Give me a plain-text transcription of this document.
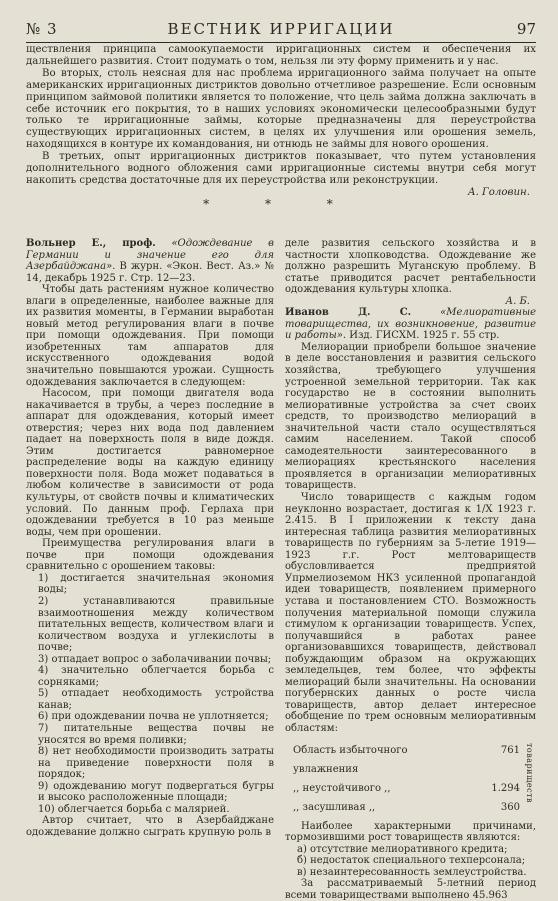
№ 3	ВЕСТНИК ИРРИГАЦИИ	97

ществления принципа самоокупаемости ирригационных систем и обеспечения их дальнейшего развития. Стоит подумать о том, нельзя ли эту форму применить и у нас.

Во вторых, столь неясная для нас проблема ирригационного займа получает на опыте американских ирригационных дистриктов довольно отчетливое разрешение. Если основным принципом займовой политики является то положение, что цель займа должна заключать в себе источник его покрытия, то в наших условиях экономически целесообразными будут только те ирригационные займы, которые предназначены для переустройства существующих ирригационных систем, в целях их улучшения или орошения земель, находящихся в контуре их командования, ни отнюдь не займы для нового орошения.

В третьих, опыт ирригационных дистриктов показывает, что путем установления дополнительного водного обложения сами ирригационные системы внутри себя могут накопить средства достаточные для их переустройства или реконструкции.

А. Головин.

* * *

Вольнер Е., проф. «Одождевание в Германии и значение его для Азербайджана». В журн. «Экон. Вест. Аз.» № 14, декабрь 1925 г. Стр. 12—23.

Чтобы дать растениям нужное количество влаги в определенные, наиболее важные для их развития моменты, в Германии выработан новый метод регулирования влаги в почве при помощи одождевания. При помощи изобретенных там аппаратов для искусственного одождевания водой значительно повышаются урожаи. Сущность одождевания заключается в следующем:

Насосом, при помощи двигателя вода накачивается в трубы, а через последние в аппарат для одождевания, который имеет отверстия; через них вода под давлением падает на поверхность поля в виде дождя. Этим достигается равномерное распределение воды на каждую единицу поверхности поля. Вода может подаваться в любом количестве в зависимости от рода культуры, от свойств почвы и климатических условий. По данным проф. Герлаха при одождевании требуется в 10 раз меньше воды, чем при орошении.

Преимущества регулирования влаги в почве при помощи одождевания сравнительно с орошением таковы:

1) достигается значительная экономия воды;

2) устанавливаются правильные взаимоотношения между количеством питательных веществ, количеством влаги и количеством воздуха и углекислоты в почве;

3) отпадает вопрос о заболачивании почвы;

4) значительно облегчается борьба с сорняками;

5) отпадает необходимость устройства канав;

6) при одождевании почва не уплотняется;

7) питательные вещества почвы не уносятся во время поливки;

8) нет необходимости производить затраты на приведение поверхности поля в порядок;

9) одождеванию могут подвергаться бугры и высоко расположенные площади;

10) облегчается борьба с малярией.

Автор считает, что в Азербайджане одождевание должно сыграть крупную роль в

деле развития сельского хозяйства и в частности хлопководства. Одождевание же должно разрешить Муганскую проблему. В статье приводится расчет рентабельности одождевания культуры хлопка.

А. Б.

Иванов Д. С.	«Мелиоративные товарищества, их возникновение, развитие и работы». Изд. ГИСХМ. 1925 г. 55 стр.

Мелиорации приобрели большое значение в деле восстановления и развития сельского хозяйства, требующего улучшения устроенной земельной территории. Так как государство не в состоянии выполнить мелиоративные устройства за счет своих средств, то производство мелиораций в значительной части стало осуществляться самим населением. Такой способ самодеятельности заинтересованного в мелиорациях крестьянского населения проявляется в организации мелиоративных товариществ.

Число товариществ с каждым годом неуклонно возрастает, достигая к 1/X 1923 г. 2.415. В I приложении к тексту дана интересная таблица развития мелиоративных товариществ по губерниям за 5-летие 1919—1923 г.г. Рост мелтовариществ обусловливается предприятой Упрмелиоземом НКЗ усиленной пропагандой идеи товариществ, появлением примерного устава и постановлением СТО. Возможность получения материальной помощи служила стимулом к организации товариществ. Успех, получавшийся в работах ранее организовавшихся товариществ, действовал побуждающим образом на окружающих земледельцев, тем более, что эффекты мелиораций были значительны. На основании погубернских данных о росте числа товариществ, автор делает интересное обобщение по трем основным мелиоративным областям:

Область избыточного увлажнения
761
,, неустойчивого ,,	1.294
,, засушливая ,,	360
товариществ

Наиболее характерными причинами, тормозившими рост товариществ являются:

а) отсутствие мелиоративного кредита;

б) недостаток специального техперсонала;

в) незаинтересованность землеустройства.

За рассматриваемый 5-летний период всеми товариществами выполнено 45.963
